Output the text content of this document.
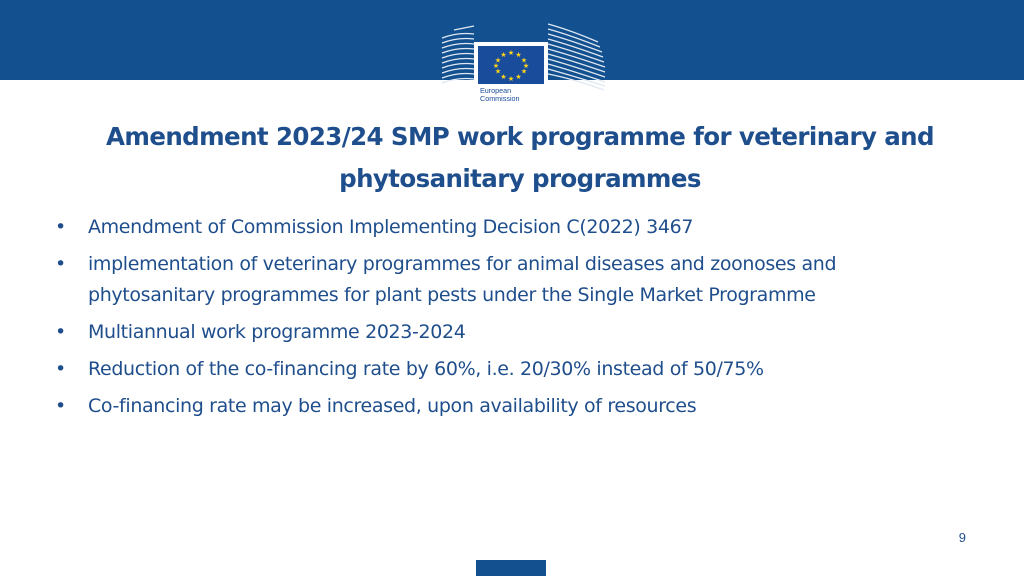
★ ★
★
★
★
★
★
★
★
★
★
★
European
Commission
Amendment 2023/24 SMP work programme for veterinary and
phytosanitary programmes
•	Amendment of Commission Implementing Decision C(2022) 3467
•	implementation of veterinary programmes for animal diseases and zoonoses and phytosanitary programmes for plant pests under the Single Market Programme
•	Multiannual work programme 2023-2024
•	Reduction of the co-financing rate by 60%, i.e. 20/30% instead of 50/75%
•	Co-financing rate may be increased, upon availability of resources
9
